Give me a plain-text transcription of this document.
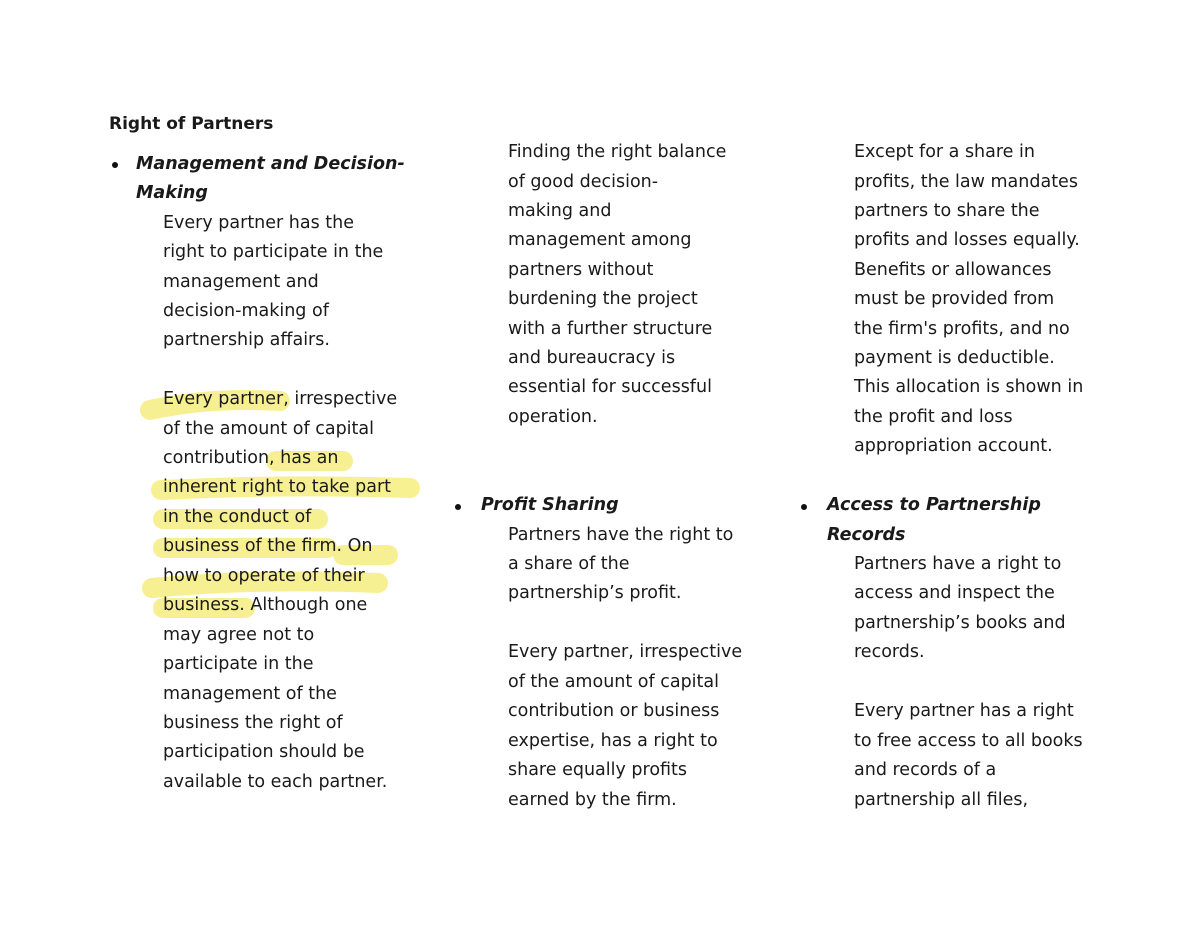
Right of Partners
Management and Decision-
Making
Every partner has the
right to participate in the
management and
decision-making of
partnership affairs.
Every partner, irrespective
of the amount of capital
contribution, has an
inherent right to take part
in the conduct of
business of the firm. On
how to operate of their
business. Although one
may agree not to
participate in the
management of the
business the right of
participation should be
available to each partner.
Finding the right balance
of good decision-
making and
management among
partners without
burdening the project
with a further structure
and bureaucracy is
essential for successful
operation.
Profit Sharing
Partners have the right to
a share of the
partnership’s profit.
Every partner, irrespective
of the amount of capital
contribution or business
expertise, has a right to
share equally profits
earned by the firm.
Except for a share in
profits, the law mandates
partners to share the
profits and losses equally.
Benefits or allowances
must be provided from
the firm's profits, and no
payment is deductible.
This allocation is shown in
the profit and loss
appropriation account.
Access to Partnership
Records
Partners have a right to
access and inspect the
partnership’s books and
records.
Every partner has a right
to free access to all books
and records of a
partnership all files,
